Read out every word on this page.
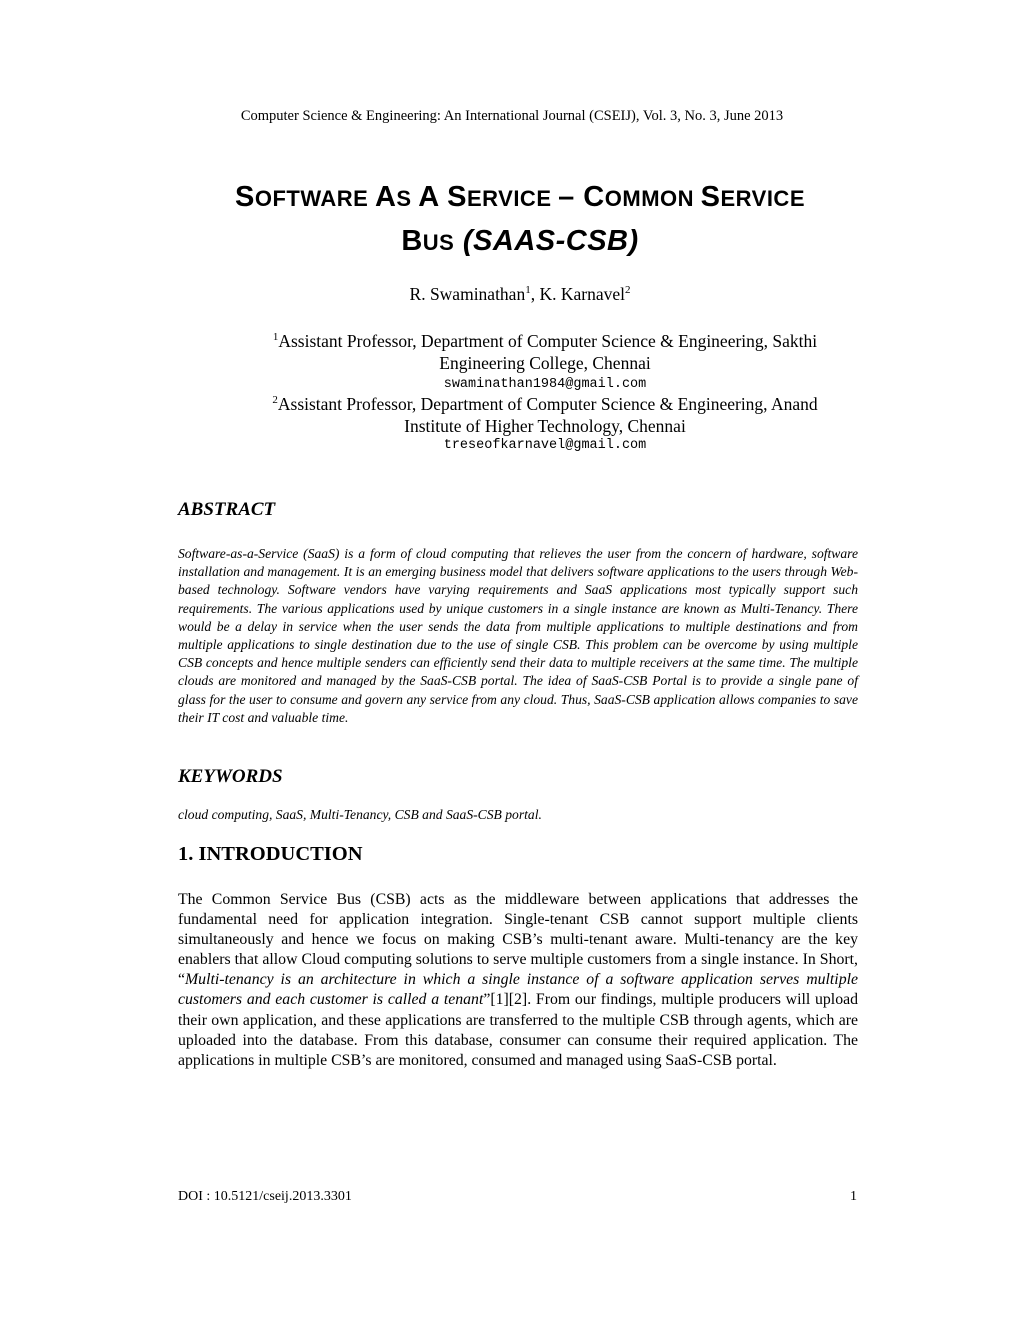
Computer Science & Engineering: An International Journal (CSEIJ), Vol. 3, No. 3, June 2013
SOFTWARE AS A SERVICE – COMMON SERVICE
BUS (SAAS-CSB)
R. Swaminathan$^1$, K. Karnavel$^2$
$^1$Assistant Professor, Department of Computer Science & Engineering, Sakthi
Engineering College, Chennai
swaminathan1984@gmail.com
$^2$Assistant Professor, Department of Computer Science & Engineering, Anand
Institute of Higher Technology, Chennai
treseofkarnavel@gmail.com
ABSTRACT
Software-as-a-Service (SaaS) is a form of cloud computing that relieves the user from the concern of hardware, software installation and management. It is an emerging business model that delivers software applications to the users through Web-based technology. Software vendors have varying requirements and SaaS applications most typically support such requirements. The various applications used by unique customers in a single instance are known as Multi-Tenancy. There would be a delay in service when the user sends the data from multiple applications to multiple destinations and from multiple applications to single destination due to the use of single CSB. This problem can be overcome by using multiple CSB concepts and hence multiple senders can efficiently send their data to multiple receivers at the same time. The multiple clouds are monitored and managed by the SaaS-CSB portal. The idea of SaaS-CSB Portal is to provide a single pane of glass for the user to consume and govern any service from any cloud. Thus, SaaS-CSB application allows companies to save their IT cost and valuable time.
KEYWORDS
cloud computing, SaaS, Multi-Tenancy, CSB and SaaS-CSB portal.
1. INTRODUCTION
The Common Service Bus (CSB) acts as the middleware between applications that addresses the fundamental need for application integration. Single-tenant CSB cannot support multiple clients simultaneously and hence we focus on making CSB’s multi-tenant aware. Multi-tenancy are the key enablers that allow Cloud computing solutions to serve multiple customers from a single instance. In Short, “Multi-tenancy is an architecture in which a single instance of a software application serves multiple customers and each customer is called a tenant”[1][2]. From our findings, multiple producers will upload their own application, and these applications are transferred to the multiple CSB through agents, which are uploaded into the database. From this database, consumer can consume their required application. The applications in multiple CSB’s are monitored, consumed and managed using SaaS-CSB portal.
DOI : 10.5121/cseij.2013.3301	1
